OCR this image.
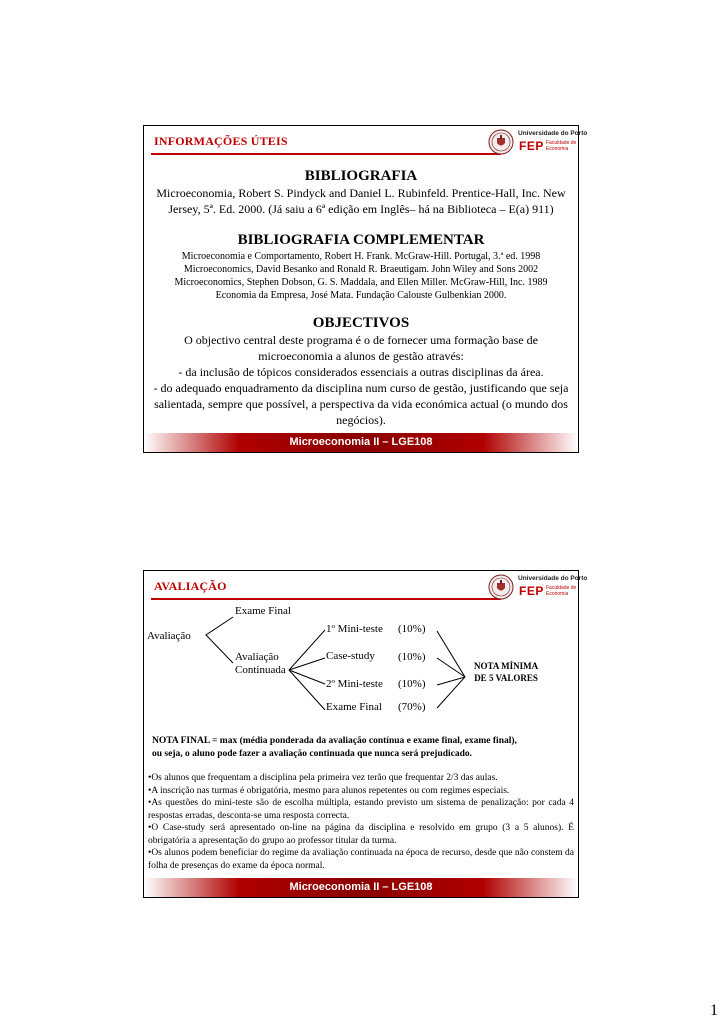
INFORMAÇÕES ÚTEIS
Universidade do Porto
FEP Faculdade de
Economia
BIBLIOGRAFIA
Microeconomia, Robert S. Pindyck and Daniel L. Rubinfeld. Prentice-Hall, Inc. New
Jersey, 5ª. Ed. 2000. (Já saiu a 6ª edição em Inglês– há na Biblioteca – E(a) 911)
BIBLIOGRAFIA COMPLEMENTAR
Microeconomia e Comportamento, Robert H. Frank. McGraw-Hill. Portugal, 3.ª ed. 1998
Microeconomics, David Besanko and Ronald R. Braeutigam. John Wiley and Sons 2002
Microeconomics, Stephen Dobson, G. S. Maddala, and Ellen Miller. McGraw-Hill, Inc. 1989
Economia da Empresa, José Mata. Fundação Calouste Gulbenkian 2000.
OBJECTIVOS
O objectivo central deste programa é o de fornecer uma formação base de
microeconomia a alunos de gestão através:
- da inclusão de tópicos considerados essenciais a outras disciplinas da área.
- do adequado enquadramento da disciplina num curso de gestão, justificando que seja
salientada, sempre que possível, a perspectiva da vida económica actual (o mundo dos
negócios).
Microeconomia II – LGE108
AVALIAÇÃO
Universidade do Porto
FEP Faculdade de
Economia
Avaliação
Exame Final
Avaliação
Continuada
1º Mini-teste (10%)
Case-study (10%)
2º Mini-teste (10%)
Exame Final (70%)
NOTA MÍNIMA
DE 5 VALORES
NOTA FINAL = max (média ponderada da avaliação contínua e exame final, exame final),
ou seja, o aluno pode fazer a avaliação continuada que nunca será prejudicado.
•Os alunos que frequentam a disciplina pela primeira vez terão que frequentar 2/3 das aulas.
•A inscrição nas turmas é obrigatória, mesmo para alunos repetentes ou com regimes especiais.
•As questões do mini-teste são de escolha múltipla, estando previsto um sistema de penalização: por cada 4 respostas erradas, desconta-se uma resposta correcta.
•O Case-study será apresentado on-line na página da disciplina e resolvido em grupo (3 a 5 alunos). É obrigatória a apresentação do grupo ao professor titular da turma.
•Os alunos podem beneficiar do regime da avaliação continuada na época de recurso, desde que não constem da folha de presenças do exame da época normal.
Microeconomia II – LGE108
1
